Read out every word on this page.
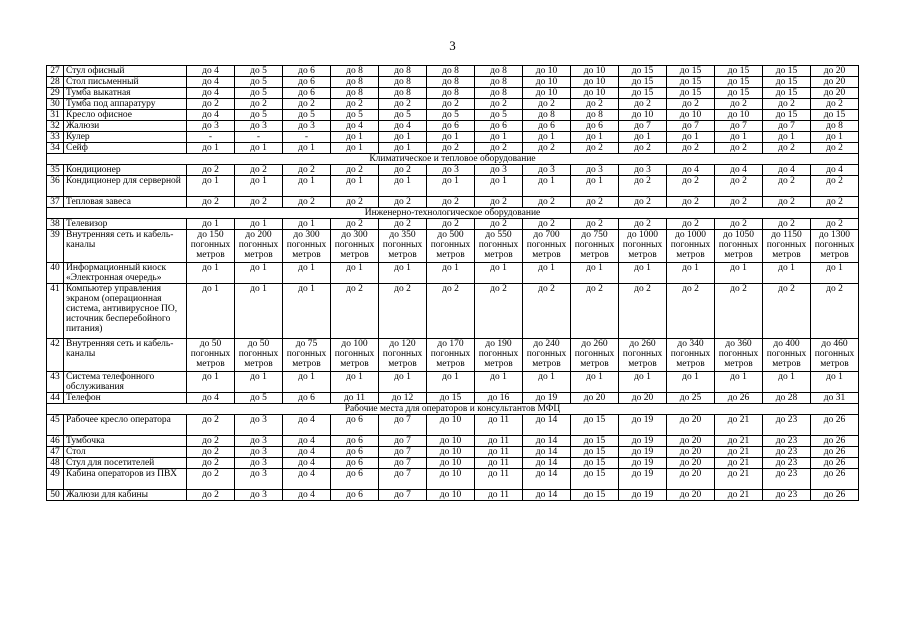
3
27	Стул офисный	до 4	до 5	до 6	до 8	до 8	до 8	до 8	до 10	до 10	до 15	до 15	до 15	до 15	до 20
28	Стол письменный	до 4	до 5	до 6	до 8	до 8	до 8	до 8	до 10	до 10	до 15	до 15	до 15	до 15	до 20
29	Тумба выкатная	до 4	до 5	до 6	до 8	до 8	до 8	до 8	до 10	до 10	до 15	до 15	до 15	до 15	до 20
30	Тумба под аппаратуру	до 2	до 2	до 2	до 2	до 2	до 2	до 2	до 2	до 2	до 2	до 2	до 2	до 2	до 2
31	Кресло офисное	до 4	до 5	до 5	до 5	до 5	до 5	до 5	до 8	до 8	до 10	до 10	до 10	до 15	до 15
32	Жалюзи	до 3	до 3	до 3	до 4	до 4	до 6	до 6	до 6	до 6	до 7	до 7	до 7	до 7	до 8
33	Кулер	-	-	-	до 1	до 1	до 1	до 1	до 1	до 1	до 1	до 1	до 1	до 1	до 1
34	Сейф	до 1	до 1	до 1	до 1	до 1	до 2	до 2	до 2	до 2	до 2	до 2	до 2	до 2	до 2
Климатическое и тепловое оборудование															
35	Кондиционер	до 2	до 2	до 2	до 2	до 2	до 3	до 3	до 3	до 3	до 3	до 4	до 4	до 4	до 4
36	Кондиционер для серверной	до 1	до 1	до 1	до 1	до 1	до 1	до 1	до 1	до 1	до 2	до 2	до 2	до 2	до 2
37	Тепловая завеса	до 2	до 2	до 2	до 2	до 2	до 2	до 2	до 2	до 2	до 2	до 2	до 2	до 2	до 2
Инженерно-технологическое оборудование															
38	Телевизор	до 1	до 1	до 1	до 2	до 2	до 2	до 2	до 2	до 2	до 2	до 2	до 2	до 2	до 2
39	Внутренняя сеть и кабель-каналы	до 150 погонных метров	до 200 погонных метров	до 300 погонных метров	до 300 погонных метров	до 350 погонных метров	до 500 погонных метров	до 550 погонных метров	до 700 погонных метров	до 750 погонных метров	до 1000 погонных метров	до 1000 погонных метров	до 1050 погонных метров	до 1150 погонных метров	до 1300 погонных метров
40	Информационный киоск «Электронная очередь»	до 1	до 1	до 1	до 1	до 1	до 1	до 1	до 1	до 1	до 1	до 1	до 1	до 1	до 1
41	Компьютер управления экраном (операционная система, антивирусное ПО, источник бесперебойного питания)	до 1	до 1	до 1	до 2	до 2	до 2	до 2	до 2	до 2	до 2	до 2	до 2	до 2	до 2
42	Внутренняя сеть и кабель-каналы	до 50 погонных метров	до 50 погонных метров	до 75 погонных метров	до 100 погонных метров	до 120 погонных метров	до 170 погонных метров	до 190 погонных метров	до 240 погонных метров	до 260 погонных метров	до 260 погонных метров	до 340 погонных метров	до 360 погонных метров	до 400 погонных метров	до 460 погонных метров
43	Система телефонного обслуживания	до 1	до 1	до 1	до 1	до 1	до 1	до 1	до 1	до 1	до 1	до 1	до 1	до 1	до 1
44	Телефон	до 4	до 5	до 6	до 11	до 12	до 15	до 16	до 19	до 20	до 20	до 25	до 26	до 28	до 31
Рабочие места для операторов и консультантов МФЦ															
45	Рабочее кресло оператора	до 2	до 3	до 4	до 6	до 7	до 10	до 11	до 14	до 15	до 19	до 20	до 21	до 23	до 26
46	Тумбочка	до 2	до 3	до 4	до 6	до 7	до 10	до 11	до 14	до 15	до 19	до 20	до 21	до 23	до 26
47	Стол	до 2	до 3	до 4	до 6	до 7	до 10	до 11	до 14	до 15	до 19	до 20	до 21	до 23	до 26
48	Стул для посетителей	до 2	до 3	до 4	до 6	до 7	до 10	до 11	до 14	до 15	до 19	до 20	до 21	до 23	до 26
49	Кабина операторов из ПВХ	до 2	до 3	до 4	до 6	до 7	до 10	до 11	до 14	до 15	до 19	до 20	до 21	до 23	до 26
50	Жалюзи для кабины	до 2	до 3	до 4	до 6	до 7	до 10	до 11	до 14	до 15	до 19	до 20	до 21	до 23	до 26
